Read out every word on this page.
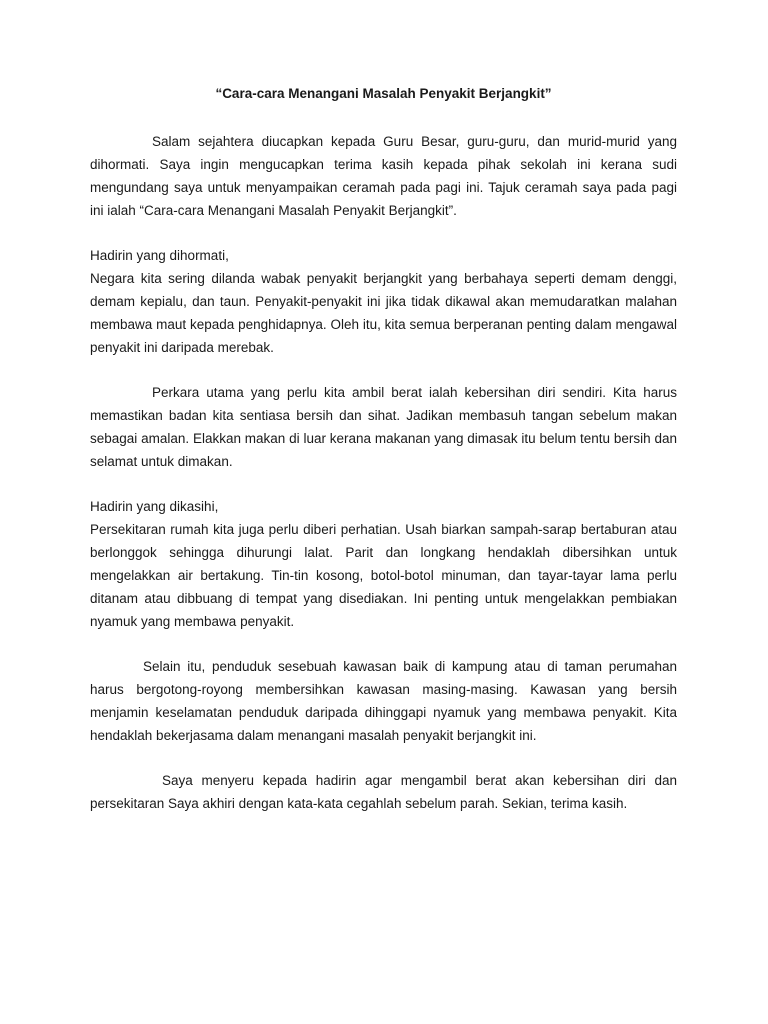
“Cara-cara Menangani Masalah Penyakit Berjangkit”

Salam sejahtera diucapkan kepada Guru Besar, guru-guru, dan murid-murid yang dihormati. Saya ingin mengucapkan terima kasih kepada pihak sekolah ini kerana sudi mengundang saya untuk menyampaikan ceramah pada pagi ini. Tajuk ceramah saya pada pagi ini ialah “Cara-cara Menangani Masalah Penyakit Berjangkit”.

Hadirin yang dihormati,
Negara kita sering dilanda wabak penyakit berjangkit yang berbahaya seperti demam denggi, demam kepialu, dan taun. Penyakit-penyakit ini jika tidak dikawal akan memudaratkan malahan membawa maut kepada penghidapnya. Oleh itu, kita semua berperanan penting dalam mengawal penyakit ini daripada merebak.

Perkara utama yang perlu kita ambil berat ialah kebersihan diri sendiri. Kita harus memastikan badan kita sentiasa bersih dan sihat. Jadikan membasuh tangan sebelum makan sebagai amalan. Elakkan makan di luar kerana makanan yang dimasak itu belum tentu bersih dan selamat untuk dimakan.

Hadirin yang dikasihi,
Persekitaran rumah kita juga perlu diberi perhatian. Usah biarkan sampah-sarap bertaburan atau berlonggok sehingga dihurungi lalat. Parit dan longkang hendaklah dibersihkan untuk mengelakkan air bertakung. Tin-tin kosong, botol-botol minuman, dan tayar-tayar lama perlu ditanam atau dibbuang di tempat yang disediakan. Ini penting untuk mengelakkan pembiakan nyamuk yang membawa penyakit.

Selain itu, penduduk sesebuah kawasan baik di kampung atau di taman perumahan harus bergotong-royong membersihkan kawasan masing-masing. Kawasan yang bersih menjamin keselamatan penduduk daripada dihinggapi nyamuk yang membawa penyakit. Kita hendaklah bekerjasama dalam menangani masalah penyakit berjangkit ini.

Saya menyeru kepada hadirin agar mengambil berat akan kebersihan diri dan persekitaran Saya akhiri dengan kata-kata cegahlah sebelum parah. Sekian, terima kasih.
